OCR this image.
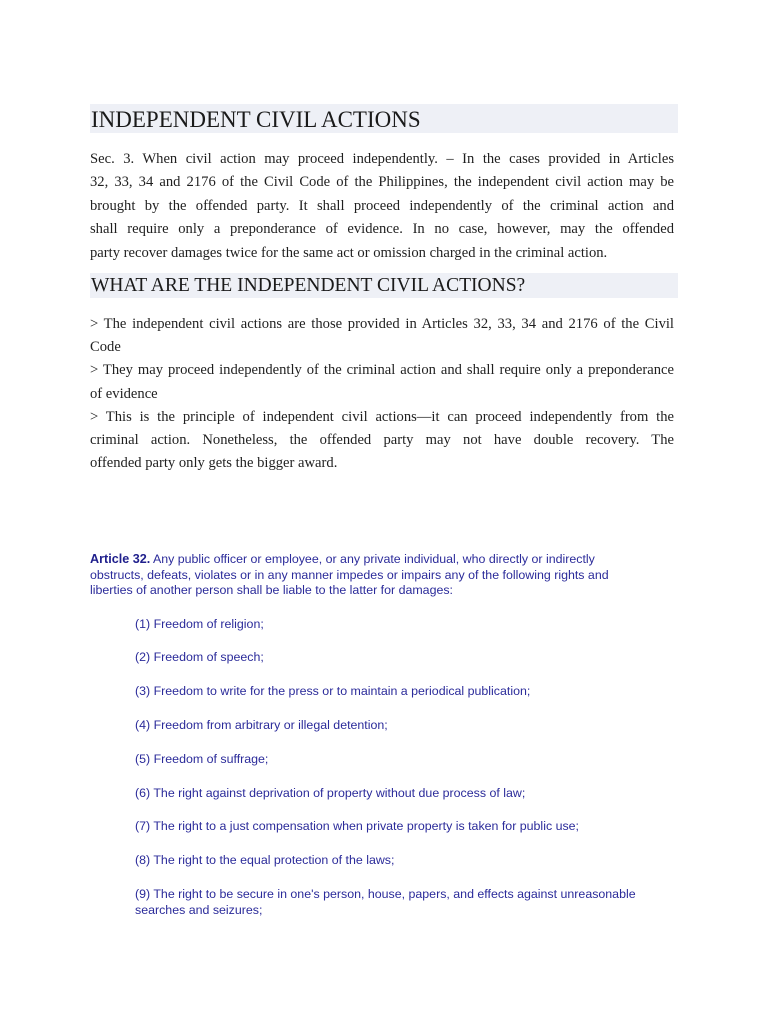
INDEPENDENT CIVIL ACTIONS
Sec. 3. When civil action may proceed independently. – In the cases provided in Articles
32, 33, 34 and 2176 of the Civil Code of the Philippines, the independent civil action may be
brought by the offended party. It shall proceed independently of the criminal action and
shall require only a preponderance of evidence. In no case, however, may the offended
party recover damages twice for the same act or omission charged in the criminal action.
WHAT ARE THE INDEPENDENT CIVIL ACTIONS?
> The independent civil actions are those provided in Articles 32, 33, 34 and 2176 of the Civil
Code
> They may proceed independently of the criminal action and shall require only a preponderance
of evidence
> This is the principle of independent civil actions—it can proceed independently from the
criminal action. Nonetheless, the offended party may not have double recovery. The
offended party only gets the bigger award.
Article 32. Any public officer or employee, or any private individual, who directly or indirectly
obstructs, defeats, violates or in any manner impedes or impairs any of the following rights and
liberties of another person shall be liable to the latter for damages:
(1) Freedom of religion;
(2) Freedom of speech;
(3) Freedom to write for the press or to maintain a periodical publication;
(4) Freedom from arbitrary or illegal detention;
(5) Freedom of suffrage;
(6) The right against deprivation of property without due process of law;
(7) The right to a just compensation when private property is taken for public use;
(8) The right to the equal protection of the laws;
(9) The right to be secure in one's person, house, papers, and effects against unreasonable
searches and seizures;
